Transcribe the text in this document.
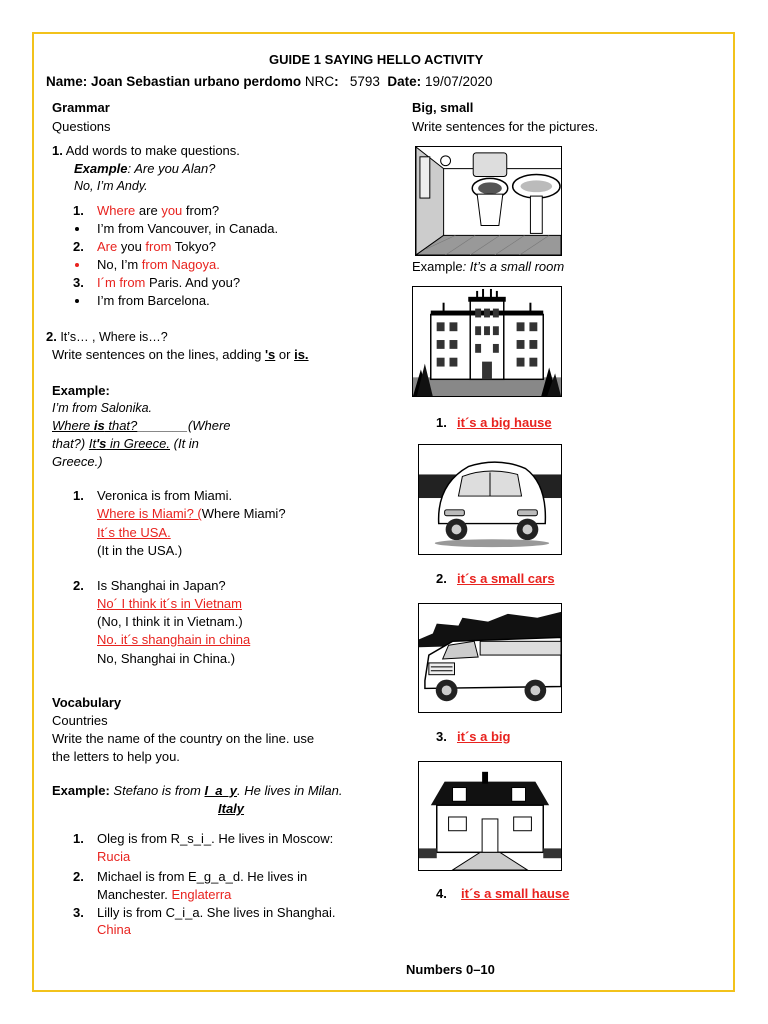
GUIDE 1 SAYING HELLO ACTIVITY
Name: Joan Sebastian urbano perdomo NRC: 5793 Date: 19/07/2020
Grammar
Questions
1. Add words to make questions.
Example: Are you Alan?
No, I’m Andy.
1. Where are you from?
I’m from Vancouver, in Canada.
2. Are you from Tokyo?
No, I’m from Nagoya.
3. I´m from Paris. And you?
I’m from Barcelona.
2. It’s… , Where is…?
Write sentences on the lines, adding 's or is.
Example:
I’m from Salonika.
Where is that?_______(Where
that?) It's in Greece. (It in
Greece.)
1. Veronica is from Miami.
Where is Miami? (Where Miami?
It´s the USA.
(It in the USA.)
2. Is Shanghai in Japan?
No´ I think it´s in Vietnam
(No, I think it in Vietnam.)
No. it´s shanghain in china
No, Shanghai in China.)
Vocabulary
Countries
Write the name of the country on the line. use
the letters to help you.
Example: Stefano is from I_a_y. He lives in Milan.
Italy
1. Oleg is from R_s_i_. He lives in Moscow:
Rucia
2. Michael is from E_g_a_d. He lives in
Manchester. Englaterra
3. Lilly is from C_i_a. She lives in Shanghai.
China
Big, small
Write sentences for the pictures.
Example: It’s a small room
1. it´s a big hause
2. it´s a small cars
3. it´s a big
4. it´s a small hause
Numbers 0–10
